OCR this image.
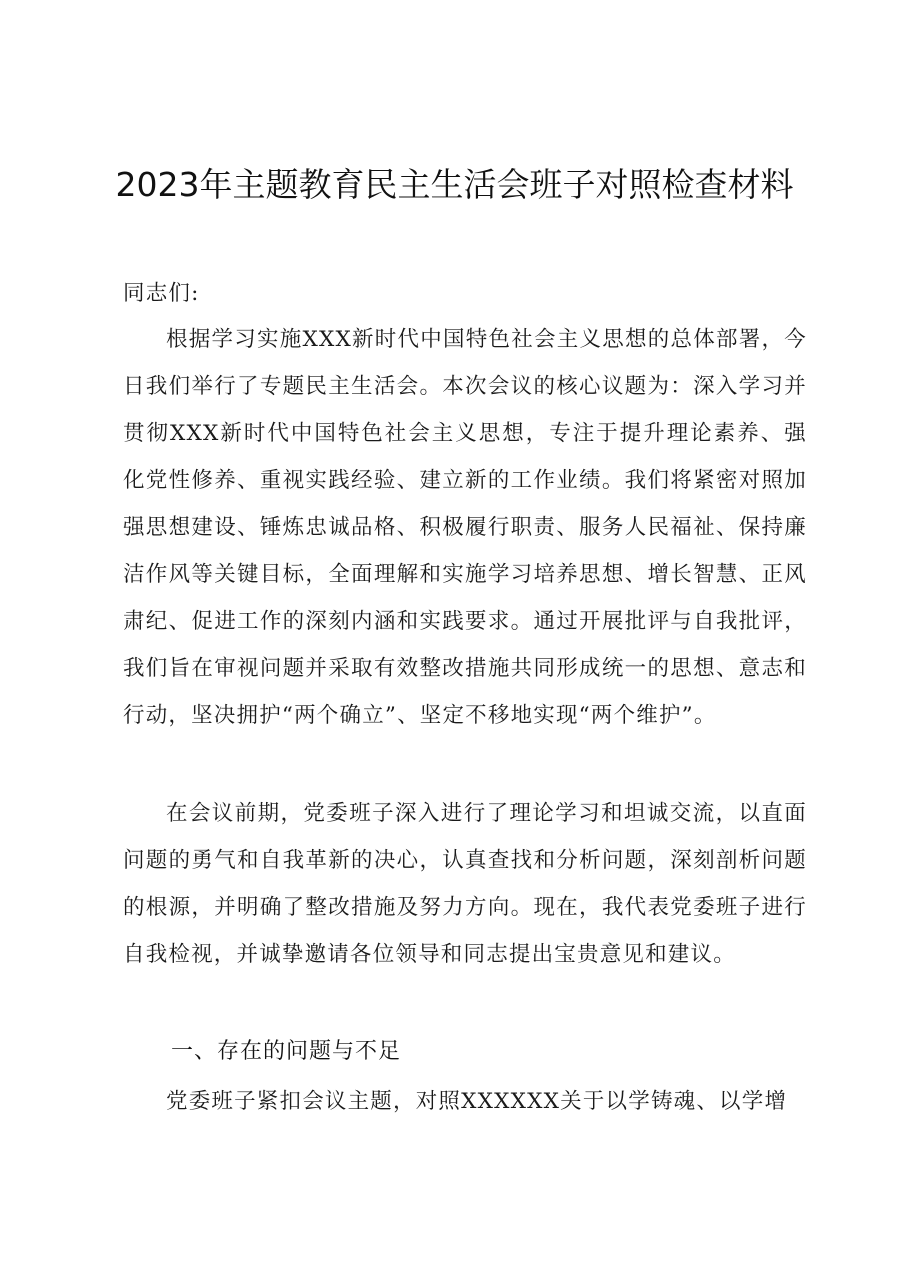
2023年主题教育民主生活会班子对照检查材料

同志们:

根据学习实施XXX新时代中国特色社会主义思想的总体部署，今日我们举行了专题民主生活会。本次会议的核心议题为：深入学习并贯彻XXX新时代中国特色社会主义思想，专注于提升理论素养、强化党性修养、重视实践经验、建立新的工作业绩。我们将紧密对照加强思想建设、锤炼忠诚品格、积极履行职责、服务人民福祉、保持廉洁作风等关键目标，全面理解和实施学习培养思想、增长智慧、正风肃纪、促进工作的深刻内涵和实践要求。通过开展批评与自我批评，我们旨在审视问题并采取有效整改措施共同形成统一的思想、意志和行动，坚决拥护“两个确立”、坚定不移地实现“两个维护”。

在会议前期，党委班子深入进行了理论学习和坦诚交流，以直面问题的勇气和自我革新的决心，认真查找和分析问题，深刻剖析问题的根源，并明确了整改措施及努力方向。现在，我代表党委班子进行自我检视，并诚挚邀请各位领导和同志提出宝贵意见和建议。

一、存在的问题与不足

党委班子紧扣会议主题，对照XXXXXX关于以学铸魂、以学增
